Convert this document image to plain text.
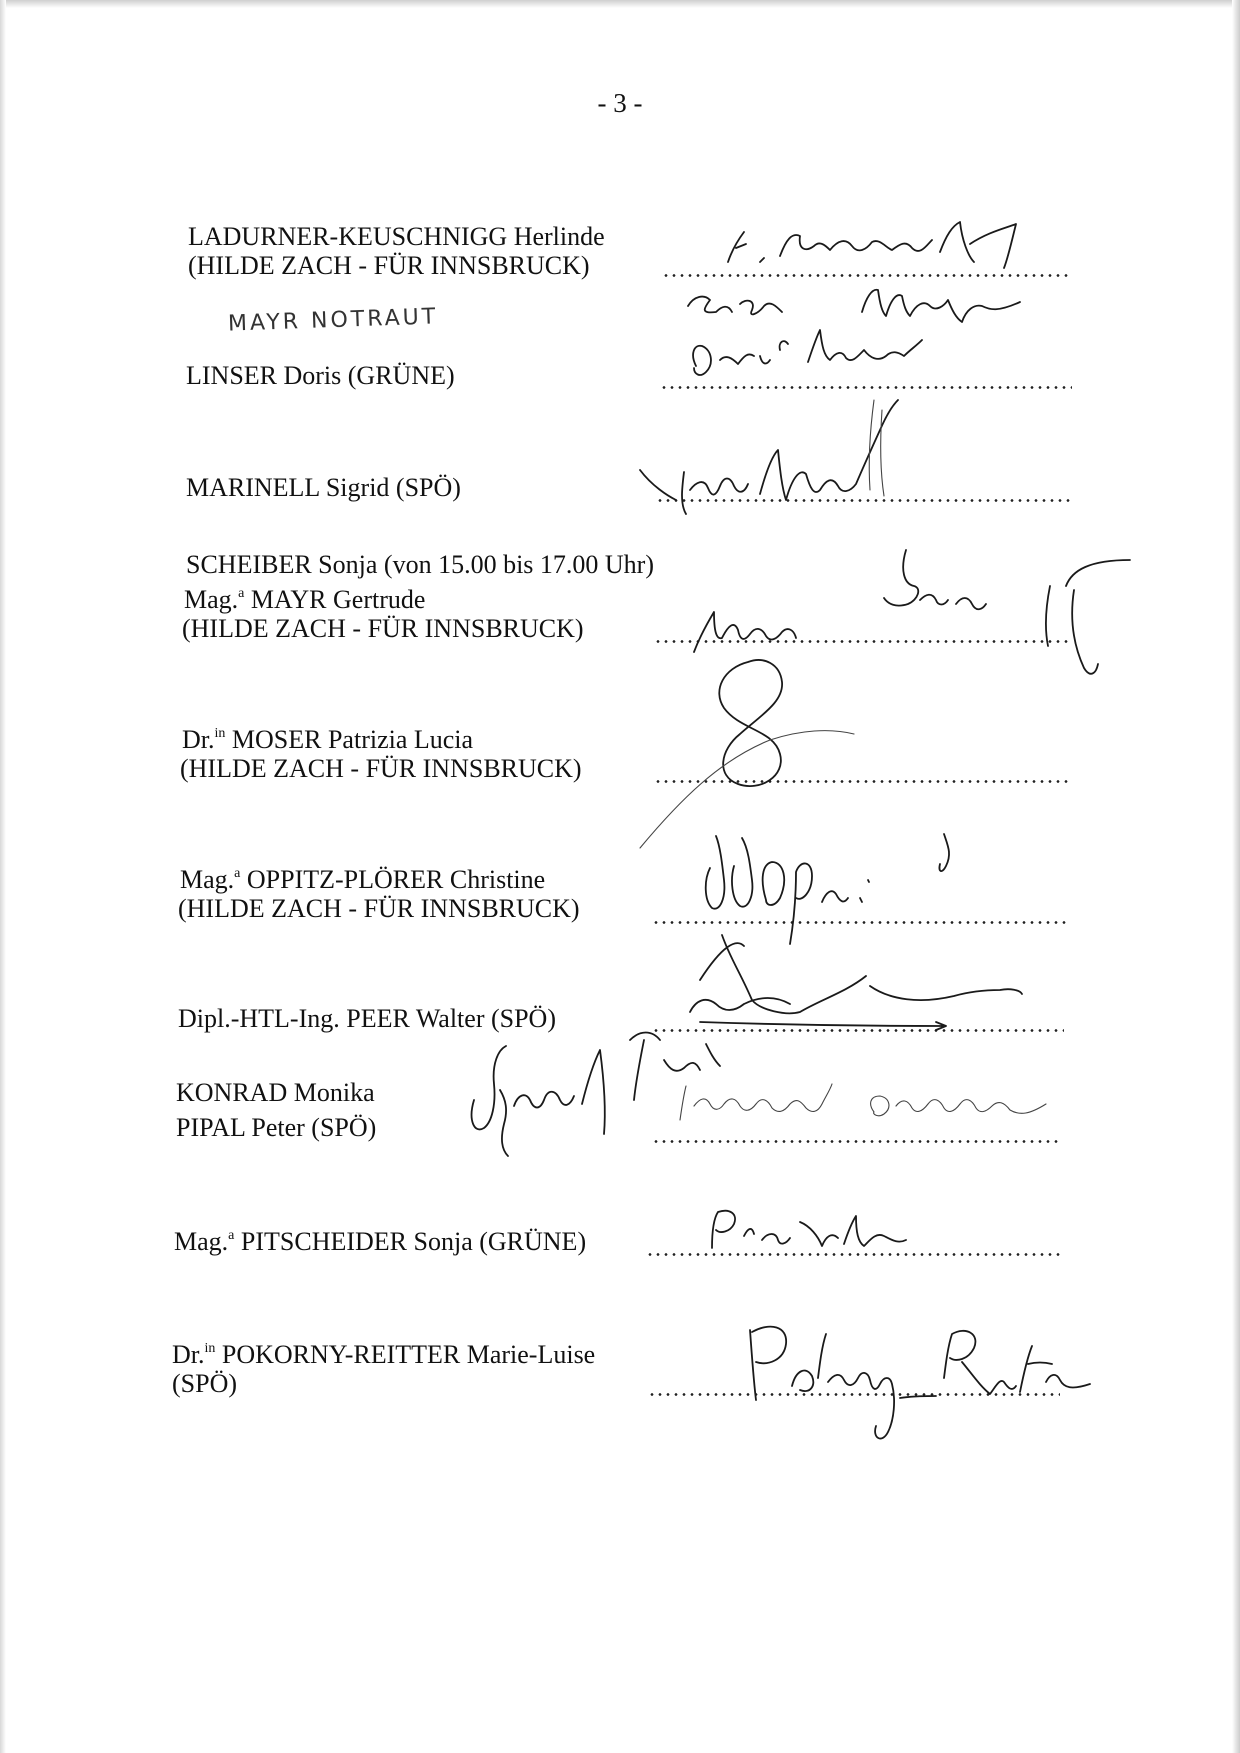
- 3 -
LADURNER-KEUSCHNIGG Herlinde
(HILDE ZACH - FÜR INNSBRUCK)
MAYR NOTRAUT
LINSER Doris (GRÜNE)
MARINELL Sigrid (SPÖ)
SCHEIBER Sonja (von 15.00 bis 17.00 Uhr)
Mag.$^a$ MAYR Gertrude
(HILDE ZACH - FÜR INNSBRUCK)
Dr.$^{in}$ MOSER Patrizia Lucia
(HILDE ZACH - FÜR INNSBRUCK)
Mag.$^a$ OPPITZ-PLÖRER Christine
(HILDE ZACH - FÜR INNSBRUCK)
Dipl.-HTL-Ing. PEER Walter (SPÖ)
KONRAD Monika
PIPAL Peter (SPÖ)
Mag.$^a$ PITSCHEIDER Sonja (GRÜNE)
Dr.$^{in}$ POKORNY-REITTER Marie-Luise
(SPÖ)
